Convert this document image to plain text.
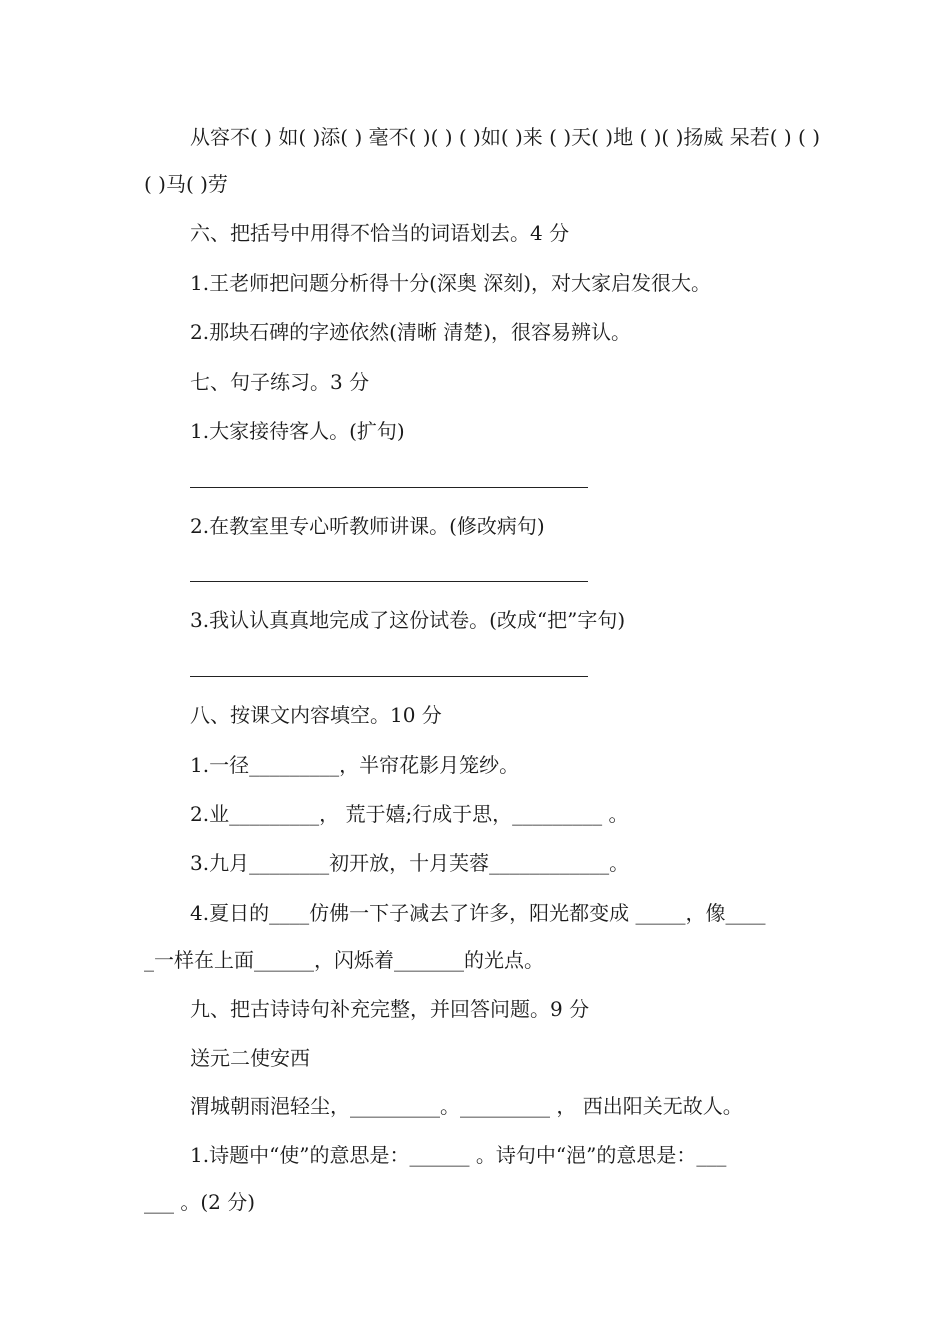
从容不( ) 如( )添( ) 毫不( )( ) ( )如( )来 ( )天( )地 ( )( )扬威 呆若( ) ( )
( )马( )劳
六、把括号中用得不恰当的词语划去。4 分
1.王老师把问题分析得十分(深奥 深刻)，对大家启发很大。
2.那块石碑的字迹依然(清晰 清楚)，很容易辨认。
七、句子练习。3 分
1.大家接待客人。(扩句)
2.在教室里专心听教师讲课。(修改病句)
3.我认认真真地完成了这份试卷。(改成“把”字句)
八、按课文内容填空。10 分
1.一径_________，半帘花影月笼纱。
2.业_________， 荒于嬉;行成于思，_________ 。
3.九月________初开放，十月芙蓉____________。
4.夏日的____仿佛一下子减去了许多，阳光都变成 _____，像____
_一样在上面______，闪烁着_______的光点。
九、把古诗诗句补充完整，并回答问题。9 分
送元二使安西
渭城朝雨浥轻尘，_________。_________ ， 西出阳关无故人。
1.诗题中“使”的意思是：______ 。诗句中“浥”的意思是：___
___ 。(2 分)
